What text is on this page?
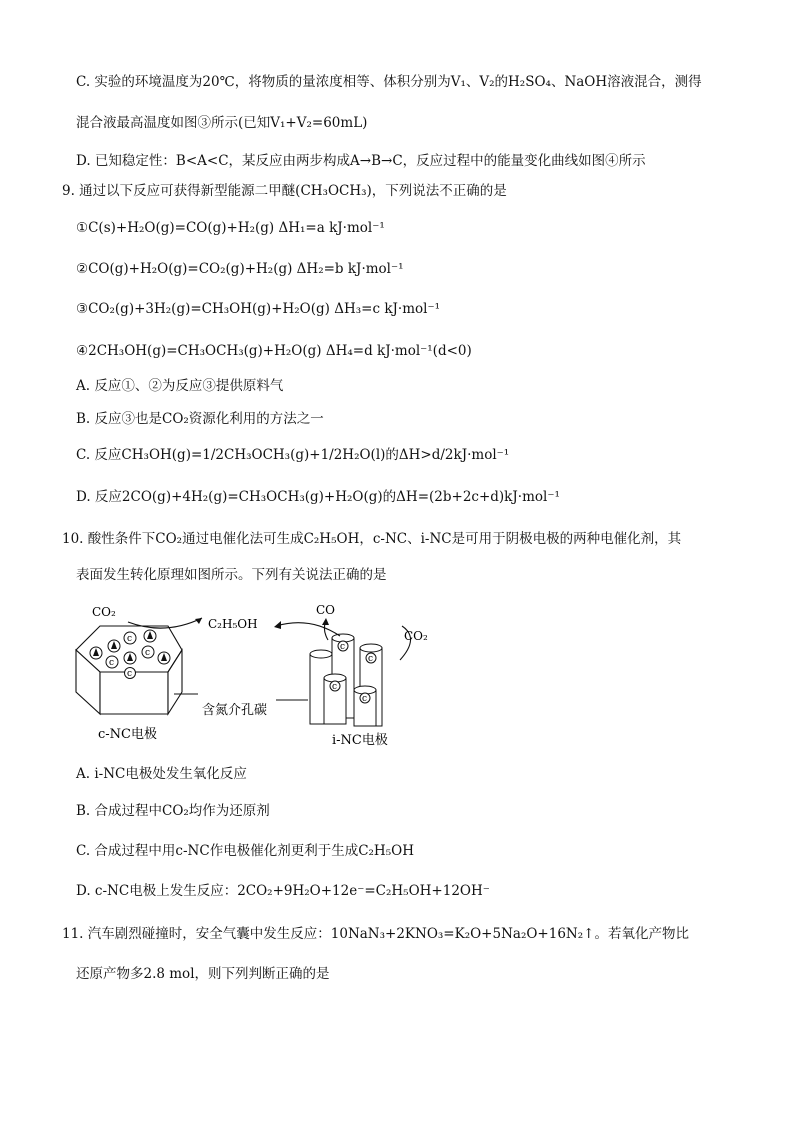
C. 实验的环境温度为20℃，将物质的量浓度相等、体积分别为V₁、V₂的H₂SO₄、NaOH溶液混合，测得
混合液最高温度如图③所示(已知V₁+V₂=60mL)
D. 已知稳定性：B<A<C，某反应由两步构成A→B→C，反应过程中的能量变化曲线如图④所示
9. 通过以下反应可获得新型能源二甲醚(CH₃OCH₃)，下列说法不正确的是
①C(s)+H₂O(g)=CO(g)+H₂(g) ΔH₁=a kJ·mol⁻¹
②CO(g)+H₂O(g)=CO₂(g)+H₂(g) ΔH₂=b kJ·mol⁻¹
③CO₂(g)+3H₂(g)=CH₃OH(g)+H₂O(g) ΔH₃=c kJ·mol⁻¹
④2CH₃OH(g)=CH₃OCH₃(g)+H₂O(g) ΔH₄=d kJ·mol⁻¹(d<0)
A. 反应①、②为反应③提供原料气
B. 反应③也是CO₂资源化利用的方法之一
C. 反应CH₃OH(g)=1/2CH₃OCH₃(g)+1/2H₂O(l)的ΔH>d/2kJ·mol⁻¹
D. 反应2CO(g)+4H₂(g)=CH₃OCH₃(g)+H₂O(g)的ΔH=(2b+2c+d)kJ·mol⁻¹
10. 酸性条件下CO₂通过电催化法可生成C₂H₅OH，c-NC、i-NC是可用于阴极电极的两种电催化剂，其
表面发生转化原理如图所示。下列有关说法正确的是
c
c
c
c
CO₂
C₂H₅OH
c
c
c
c
CO
CO₂
含氮介孔碳
c-NC电极	i-NC电极
A. i-NC电极处发生氧化反应
B. 合成过程中CO₂均作为还原剂
C. 合成过程中用c-NC作电极催化剂更利于生成C₂H₅OH
D. c-NC电极上发生反应：2CO₂+9H₂O+12e⁻=C₂H₅OH+12OH⁻
11. 汽车剧烈碰撞时，安全气囊中发生反应：10NaN₃+2KNO₃=K₂O+5Na₂O+16N₂↑。若氧化产物比
还原产物多2.8 mol，则下列判断正确的是
